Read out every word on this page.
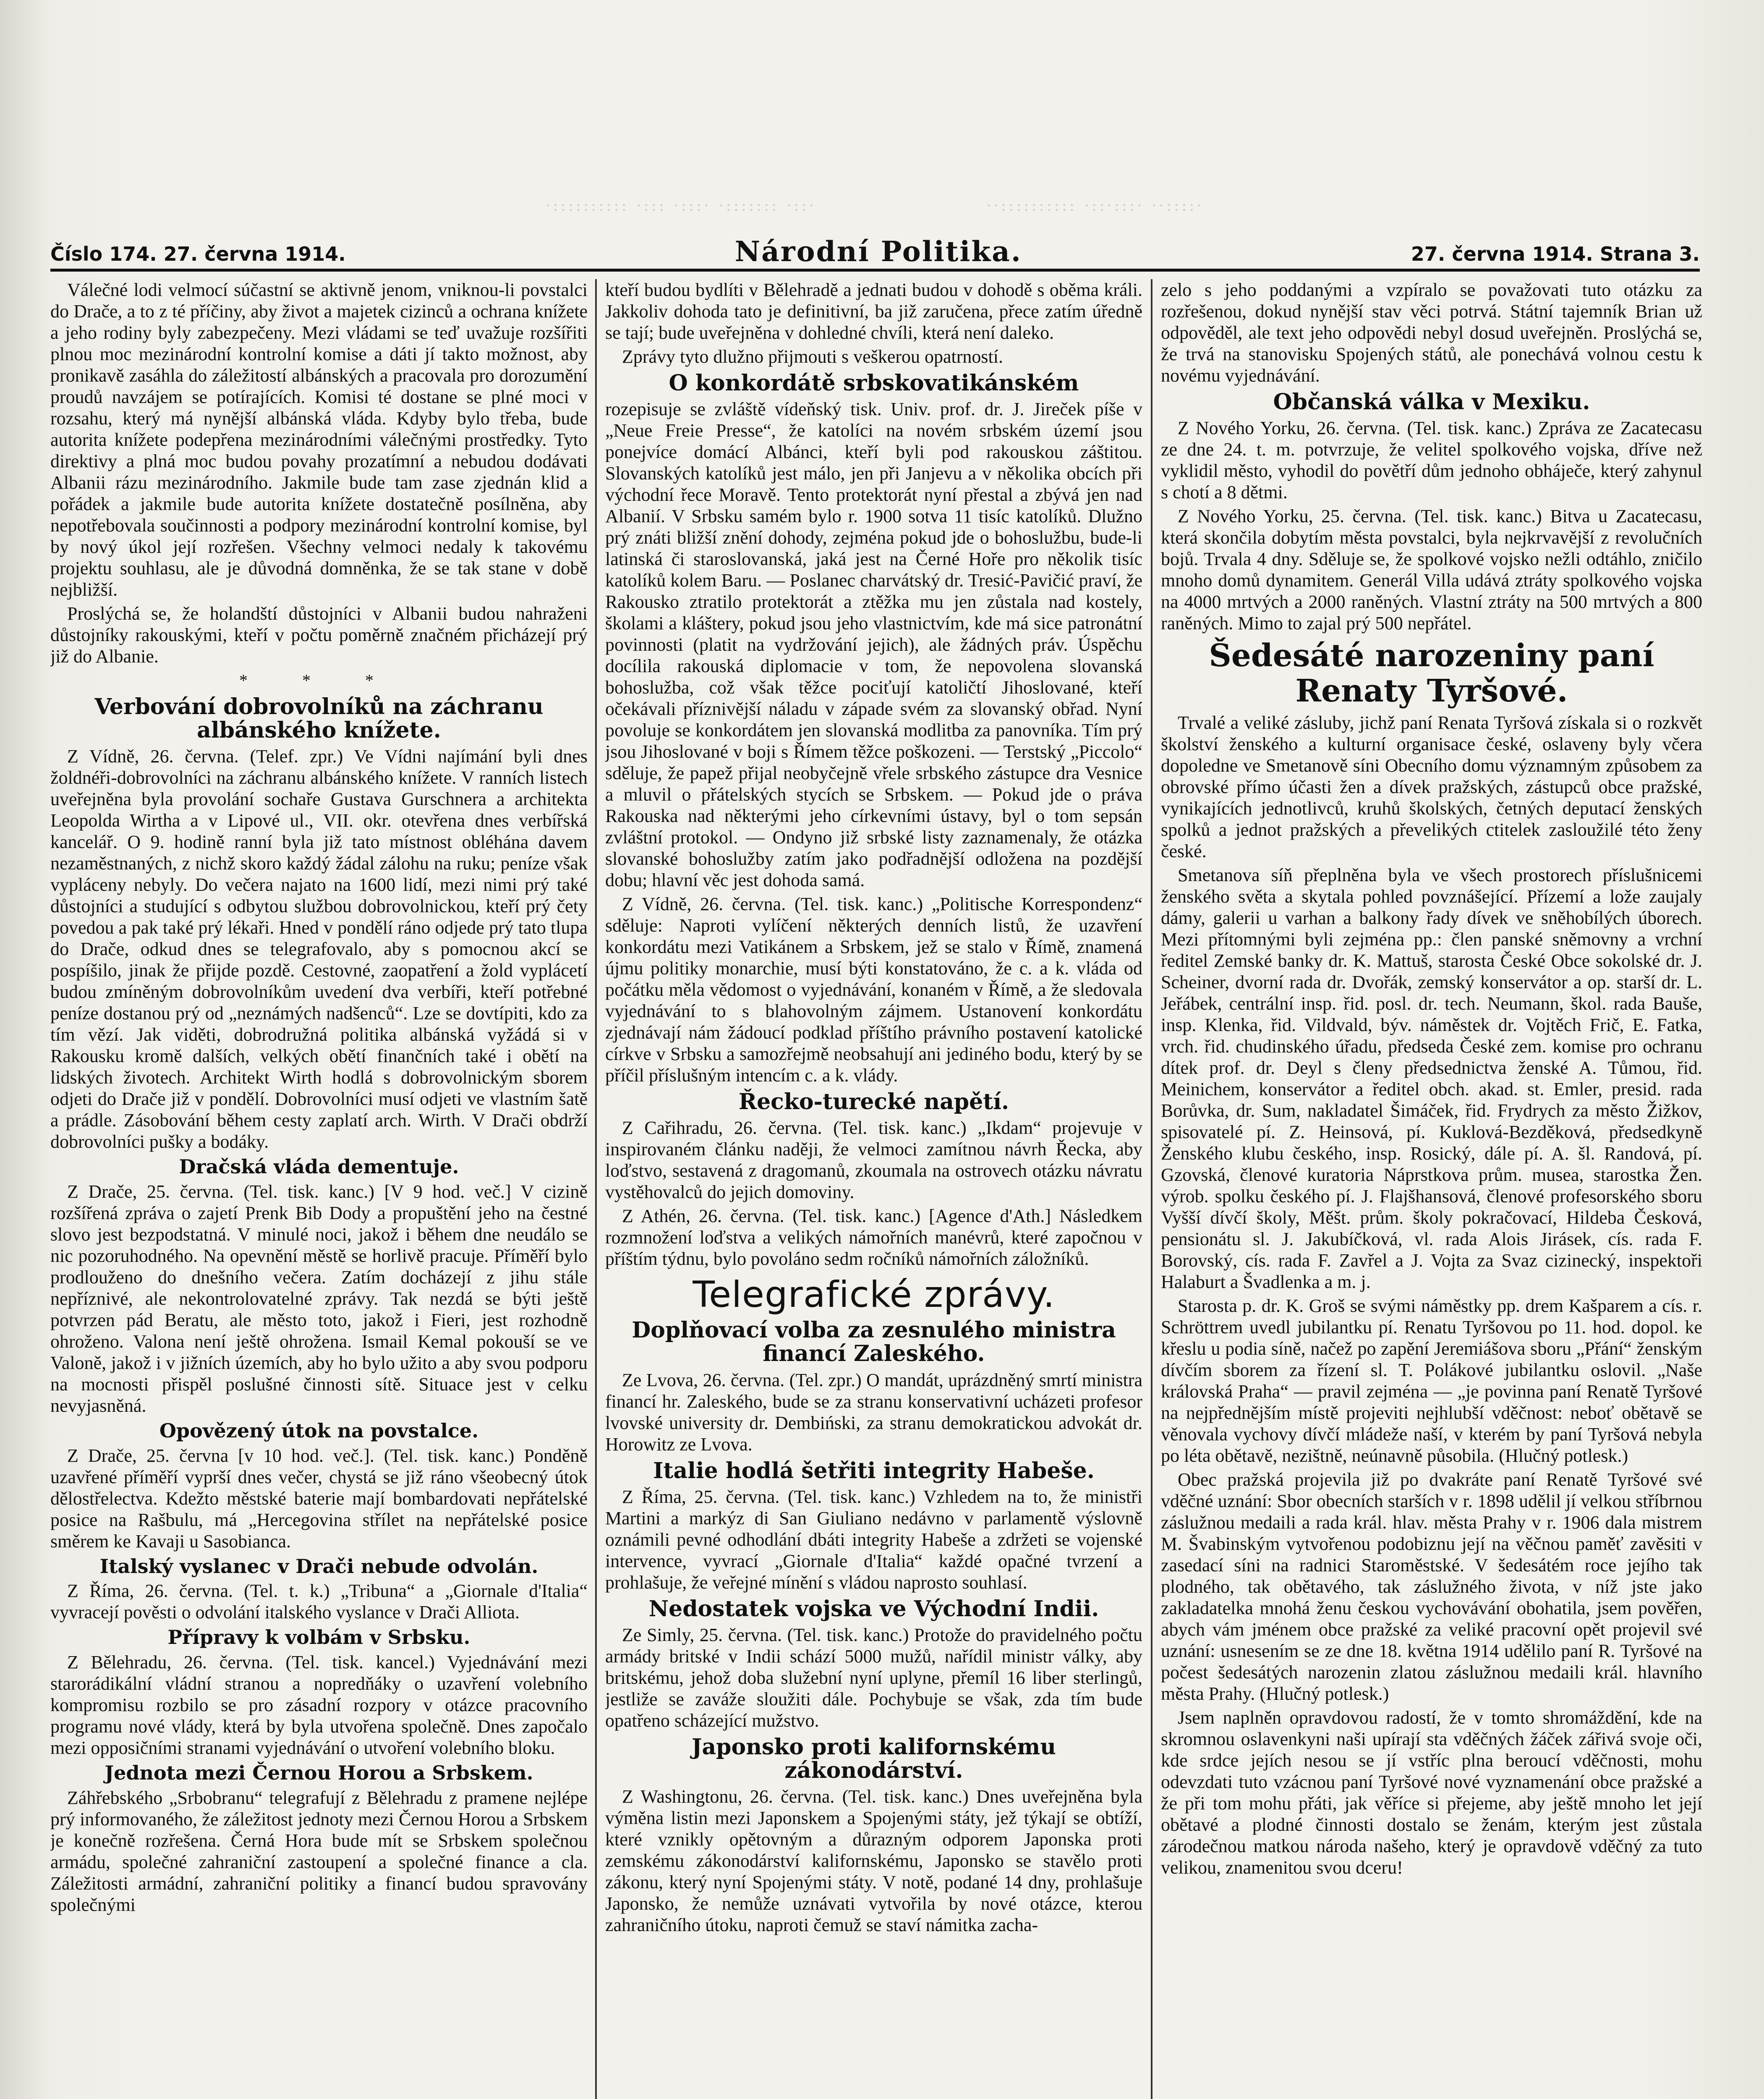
·:::::::::: ·::: ·:::· ·::::::: ·::·	··:::::::::: ·::·:::· ··::::·
Číslo 174. 27. června 1914.	Národní Politika.	27. června 1914. Strana 3.

Válečné lodi velmocí súčastní se aktivně jenom, vniknou-li povstalci do Drače, a to z té příčiny, aby život a majetek cizinců a ochrana knížete a jeho rodiny byly zabezpečeny. Mezi vládami se teď uvažuje rozšířiti plnou moc mezinárodní kontrolní komise a dáti jí takto možnost, aby pronikavě zasáhla do záležitostí albánských a pracovala pro dorozumění proudů navzájem se potírajících. Komisi té dostane se plné moci v rozsahu, který má nynější albánská vláda. Kdyby bylo třeba, bude autorita knížete podepřena mezinárodními válečnými prostředky. Tyto direktivy a plná moc budou povahy prozatímní a nebudou dodávati Albanii rázu mezinárodního. Jakmile bude tam zase zjednán klid a pořádek a jakmile bude autorita knížete dostatečně posílněna, aby nepotřebovala součinnosti a podpory mezinárodní kontrolní komise, byl by nový úkol její rozřešen. Všechny velmoci nedaly k takovému projektu souhlasu, ale je důvodná domněnka, že se tak stane v době nejbližší.

Proslýchá se, že holandští důstojníci v Albanii budou nahraženi důstojníky rakouskými, kteří v počtu poměrně značném přicházejí prý již do Albanie.

* * *
Verbování dobrovolníků na záchranu albánského knížete.

Z Vídně, 26. června. (Telef. zpr.) Ve Vídni najímání byli dnes žoldnéři-dobrovolníci na záchranu albánského knížete. V ranních listech uveřejněna byla provolání sochaře Gustava Gurschnera a architekta Leopolda Wirtha a v Lipové ul., VII. okr. otevřena dnes verbířská kancelář. O 9. hodině ranní byla již tato místnost obléhána davem nezaměstnaných, z nichž skoro každý žádal zálohu na ruku; peníze však vypláceny nebyly. Do večera najato na 1600 lidí, mezi nimi prý také důstojníci a studující s odbytou službou dobrovolnickou, kteří prý čety povedou a pak také prý lékaři. Hned v pondělí ráno odjede prý tato tlupa do Drače, odkud dnes se telegrafovalo, aby s pomocnou akcí se pospíšilo, jinak že přijde pozdě. Cestovné, zaopatření a žold vyplácetí budou zmíněným dobrovolníkům uvedení dva verbíři, kteří potřebné peníze dostanou prý od „neznámých nadšenců“. Lze se dovtípiti, kdo za tím vězí. Jak viděti, dobrodružná politika albánská vyžádá si v Rakousku kromě dalších, velkých obětí finančních také i obětí na lidských životech. Architekt Wirth hodlá s dobrovolnickým sborem odjeti do Drače již v pondělí. Dobrovolníci musí odjeti ve vlastním šatě a prádle. Zásobování během cesty zaplatí arch. Wirth. V Drači obdrží dobrovolníci pušky a bodáky.

Dračská vláda dementuje.

Z Drače, 25. června. (Tel. tisk. kanc.) [V 9 hod. več.] V cizině rozšířená zpráva o zajetí Prenk Bib Dody a propuštění jeho na čestné slovo jest bezpodstatná. V minulé noci, jakož i během dne neudálo se nic pozoruhodného. Na opevnění městě se horlivě pracuje. Příměří bylo prodlouženo do dnešního večera. Zatím docházejí z jihu stále nepříznivé, ale nekontrolovatelné zprávy. Tak nezdá se býti ještě potvrzen pád Beratu, ale město toto, jakož i Fieri, jest rozhodně ohroženo. Valona není ještě ohrožena. Ismail Kemal pokouší se ve Valoně, jakož i v jižních územích, aby ho bylo užito a aby svou podporu na mocnosti přispěl poslušné činnosti sítě. Situace jest v celku nevyjasněná.

Opovězený útok na povstalce.

Z Drače, 25. června [v 10 hod. več.]. (Tel. tisk. kanc.) Ponděně uzavřené příměří vyprší dnes večer, chystá se již ráno všeobecný útok dělostřelectva. Kdežto městské baterie mají bombardovati nepřátelské posice na Rašbulu, má „Hercegovina střílet na nepřátelské posice směrem ke Kavaji u Sasobianca.

Italský vyslanec v Drači nebude odvolán.

Z Říma, 26. června. (Tel. t. k.) „Tribuna“ a „Giornale d'Italia“ vyvracejí pověsti o odvolání italského vyslance v Drači Alliota.

Přípravy k volbám v Srbsku.

Z Bělehradu, 26. června. (Tel. tisk. kancel.) Vyjednávání mezi starorádikální vládní stranou a nopredňáky o uzavření volebního kompromisu rozbilo se pro zásadní rozpory v otázce pracovního programu nové vlády, která by byla utvořena společně. Dnes započalo mezi opposičními stranami vyjednávání o utvoření volebního bloku.

Jednota mezi Černou Horou a Srbskem.

Záhřebského „Srbobranu“ telegrafují z Bělehradu z pramene nejlépe prý informovaného, že záležitost jednoty mezi Černou Horou a Srbskem je konečně rozřešena. Černá Hora bude mít se Srbskem společnou armádu, společné zahraniční zastoupení a společné finance a cla. Záležitosti armádní, zahraniční politiky a financí budou spravovány společnými

kteří budou bydlíti v Bělehradě a jednati budou v dohodě s oběma králi. Jakkoliv dohoda tato je definitivní, ba již zaručena, přece zatím úředně se tají; bude uveřejněna v dohledné chvíli, která není daleko.

Zprávy tyto dlužno přijmouti s veškerou opatrností.

O konkordátě srbskovatikánském

rozepisuje se zvláště vídeňský tisk. Univ. prof. dr. J. Jireček píše v „Neue Freie Presse“, že katolíci na novém srbském území jsou ponejvíce domácí Albánci, kteří byli pod rakouskou záštitou. Slovanských katolíků jest málo, jen při Janjevu a v několika obcích při východní řece Moravě. Tento protektorát nyní přestal a zbývá jen nad Albanií. V Srbsku samém bylo r. 1900 sotva 11 tisíc katolíků. Dlužno prý znáti bližší znění dohody, zejména pokud jde o bohoslužbu, bude-li latinská či staroslovanská, jaká jest na Černé Hoře pro několik tisíc katolíků kolem Baru. — Poslanec charvátský dr. Tresić-Pavičić praví, že Rakousko ztratilo protektorát a ztěžka mu jen zůstala nad kostely, školami a kláštery, pokud jsou jeho vlastnictvím, kde má sice patronátní povinnosti (platit na vydržování jejich), ale žádných práv. Úspěchu docílila rakouská diplomacie v tom, že nepovolena slovanská bohoslužba, což však těžce pociťují katoličtí Jihoslované, kteří očekávali příznivější náladu v západe svém za slovanský obřad. Nyní povoluje se konkordátem jen slovanská modlitba za panovníka. Tím prý jsou Jihoslované v boji s Římem těžce poškozeni. — Terstský „Piccolo“ sděluje, že papež přijal neobyčejně vřele srbského zástupce dra Vesnice a mluvil o přátelských stycích se Srbskem. — Pokud jde o práva Rakouska nad některými jeho církevními ústavy, byl o tom sepsán zvláštní protokol. — Ondyno již srbské listy zaznamenaly, že otázka slovanské bohoslužby zatím jako podřadnější odložena na pozdější dobu; hlavní věc jest dohoda samá.

Z Vídně, 26. června. (Tel. tisk. kanc.) „Politische Korrespondenz“ sděluje: Naproti vylíčení některých denních listů, že uzavření konkordátu mezi Vatikánem a Srbskem, jež se stalo v Římě, znamená újmu politiky monarchie, musí býti konstatováno, že c. a k. vláda od počátku měla vědomost o vyjednávání, konaném v Římě, a že sledovala vyjednávání to s blahovolným zájmem. Ustanovení konkordátu zjednávají nám žádoucí podklad příštího právního postavení katolické církve v Srbsku a samozřejmě neobsahují ani jediného bodu, který by se příčil příslušným intencím c. a k. vlády.

Řecko-turecké napětí.

Z Cařihradu, 26. června. (Tel. tisk. kanc.) „Ikdam“ projevuje v inspirovaném článku naději, že velmoci zamítnou návrh Řecka, aby loďstvo, sestavená z dragomanů, zkoumala na ostrovech otázku návratu vystěhovalců do jejich domoviny.

Z Athén, 26. června. (Tel. tisk. kanc.) [Agence d'Ath.] Následkem rozmnožení loďstva a velikých námořních manévrů, které započnou v příštím týdnu, bylo povoláno sedm ročníků námořních záložníků.

Telegrafické zprávy.
Doplňovací volba za zesnulého ministra financí Zaleského.

Ze Lvova, 26. června. (Tel. zpr.) O mandát, uprázdněný smrtí ministra financí hr. Zaleského, bude se za stranu konservativní ucházeti profesor lvovské university dr. Dembiński, za stranu demokratickou advokát dr. Horowitz ze Lvova.

Italie hodlá šetřiti integrity Habeše.

Z Říma, 25. června. (Tel. tisk. kanc.) Vzhledem na to, že ministři Martini a markýz di San Giuliano nedávno v parlamentě výslovně oznámili pevné odhodlání dbáti integrity Habeše a zdržeti se vojenské intervence, vyvrací „Giornale d'Italia“ každé opačné tvrzení a prohlašuje, že veřejné mínění s vládou naprosto souhlasí.

Nedostatek vojska ve Východní Indii.

Ze Simly, 25. června. (Tel. tisk. kanc.) Protože do pravidelného počtu armády britské v Indii schází 5000 mužů, nařídil ministr války, aby britskému, jehož doba služební nyní uplyne, přemíl 16 liber sterlingů, jestliže se zaváže sloužiti dále. Pochybuje se však, zda tím bude opatřeno scházející mužstvo.

Japonsko proti kalifornskému zákonodárství.

Z Washingtonu, 26. června. (Tel. tisk. kanc.) Dnes uveřejněna byla výměna listin mezi Japonskem a Spojenými státy, jež týkají se obtíží, které vznikly opětovným a důrazným odporem Japonska proti zemskému zákonodárství kalifornskému, Japonsko se stavělo proti zákonu, který nyní Spojenými státy. V notě, podané 14 dny, prohlašuje Japonsko, že nemůže uznávati vytvořila by nové otázce, kterou zahraničního útoku, naproti čemuž se staví námitka zacha-

zelo s jeho poddanými a vzpíralo se považovati tuto otázku za rozřešenou, dokud nynější stav věci potrvá. Státní tajemník Brian už odpověděl, ale text jeho odpovědi nebyl dosud uveřejněn. Proslýchá se, že trvá na stanovisku Spojených států, ale ponechává volnou cestu k novému vyjednávání.

Občanská válka v Mexiku.

Z Nového Yorku, 26. června. (Tel. tisk. kanc.) Zpráva ze Zacatecasu ze dne 24. t. m. potvrzuje, že velitel spolkového vojska, dříve než vyklidil město, vyhodil do povětří dům jednoho obháječe, který zahynul s chotí a 8 dětmi.

Z Nového Yorku, 25. června. (Tel. tisk. kanc.) Bitva u Zacatecasu, která skončila dobytím města povstalci, byla nejkrvavější z revolučních bojů. Trvala 4 dny. Sděluje se, že spolkové vojsko nežli odtáhlo, zničilo mnoho domů dynamitem. Generál Villa udává ztráty spolkového vojska na 4000 mrtvých a 2000 raněných. Vlastní ztráty na 500 mrtvých a 800 raněných. Mimo to zajal prý 500 nepřátel.

Šedesáté narozeniny paní Renaty Tyršové.

Trvalé a veliké zásluby, jichž paní Renata Tyršová získala si o rozkvět školství ženského a kulturní organisace české, oslaveny byly včera dopoledne ve Smetanově síni Obecního domu významným způsobem za obrovské přímo účasti žen a dívek pražských, zástupců obce pražské, vynikajících jednotlivců, kruhů školských, četných deputací ženských spolků a jednot pražských a převelikých ctitelek zasloužilé této ženy české.

Smetanova síň přeplněna byla ve všech prostorech příslušnicemi ženského světa a skytala pohled povznášející. Přízemí a lože zaujaly dámy, galerii u varhan a balkony řady dívek ve sněhobílých úborech. Mezi přítomnými byli zejména pp.: člen panské sněmovny a vrchní ředitel Zemské banky dr. K. Mattuš, starosta České Obce sokolské dr. J. Scheiner, dvorní rada dr. Dvořák, zemský konservátor a op. starší dr. L. Jeřábek, centrální insp. řid. posl. dr. tech. Neumann, škol. rada Bauše, insp. Klenka, řid. Vildvald, býv. náměstek dr. Vojtěch Frič, E. Fatka, vrch. řid. chudinského úřadu, předseda České zem. komise pro ochranu dítek prof. dr. Deyl s členy předsednictva ženské A. Tůmou, řid. Meinichem, konservátor a ředitel obch. akad. st. Emler, presid. rada Borůvka, dr. Sum, nakladatel Šimáček, řid. Frydrych za město Žižkov, spisovatelé pí. Z. Heinsová, pí. Kuklová-Bezděková, předsedkyně Ženského klubu českého, insp. Rosický, dále pí. A. šl. Randová, pí. Gzovská, členové kuratoria Náprstkova prům. musea, starostka Žen. výrob. spolku českého pí. J. Flajšhansová, členové profesorského sboru Vyšší dívčí školy, Měšt. prům. školy pokračovací, Hildeba Česková, pensionátu sl. J. Jakubíčková, vl. rada Alois Jirásek, cís. rada F. Borovský, cís. rada F. Zavřel a J. Vojta za Svaz cizinecký, inspektoři Halaburt a Švadlenka a m. j.

Starosta p. dr. K. Groš se svými náměstky pp. drem Kašparem a cís. r. Schröttrem uvedl jubilantku pí. Renatu Tyršovou po 11. hod. dopol. ke křeslu u podia síně, načež po zapění Jeremiášova sboru „Přání“ ženským dívčím sborem za řízení sl. T. Polákové jubilantku oslovil. „Naše královská Praha“ — pravil zejména — „je povinna paní Renatě Tyršové na nejpřednějším místě projeviti nejhlubší vděčnost: neboť obětavě se věnovala vychovy dívčí mládeže naší, v kterém by paní Tyršová nebyla po léta obětavě, nezištně, neúnavně působila. (Hlučný potlesk.)

Obec pražská projevila již po dvakráte paní Renatě Tyršové své vděčné uznání: Sbor obecních starších v r. 1898 udělil jí velkou stříbrnou záslužnou medaili a rada král. hlav. města Prahy v r. 1906 dala mistrem M. Švabinským vytvořenou podobiznu její na věčnou paměť zavěsiti v zasedací síni na radnici Staroměstské. V šedesátém roce jejího tak plodného, tak obětavého, tak záslužného života, v níž jste jako zakladatelka mnohá ženu českou vychovávání obohatila, jsem pověřen, abych vám jménem obce pražské za veliké pracovní opět projevil své uznání: usnesením se ze dne 18. května 1914 udělilo paní R. Tyršové na počest šedesátých narozenin zlatou záslužnou medaili král. hlavního města Prahy. (Hlučný potlesk.)

Jsem naplněn opravdovou radostí, že v tomto shromáždění, kde na skromnou oslavenkyni naši upírají sta vděčných žáček zářivá svoje oči, kde srdce jejích nesou se jí vstříc plna beroucí vděčnosti, mohu odevzdati tuto vzácnou paní Tyršové nové vyznamenání obce pražské a že při tom mohu přáti, jak věříce si přejeme, aby ještě mnoho let její obětavé a plodné činnosti dostalo se ženám, kterým jest zůstala zárodečnou matkou národa našeho, který je opravdově vděčný za tuto velikou, znamenitou svou dceru!
